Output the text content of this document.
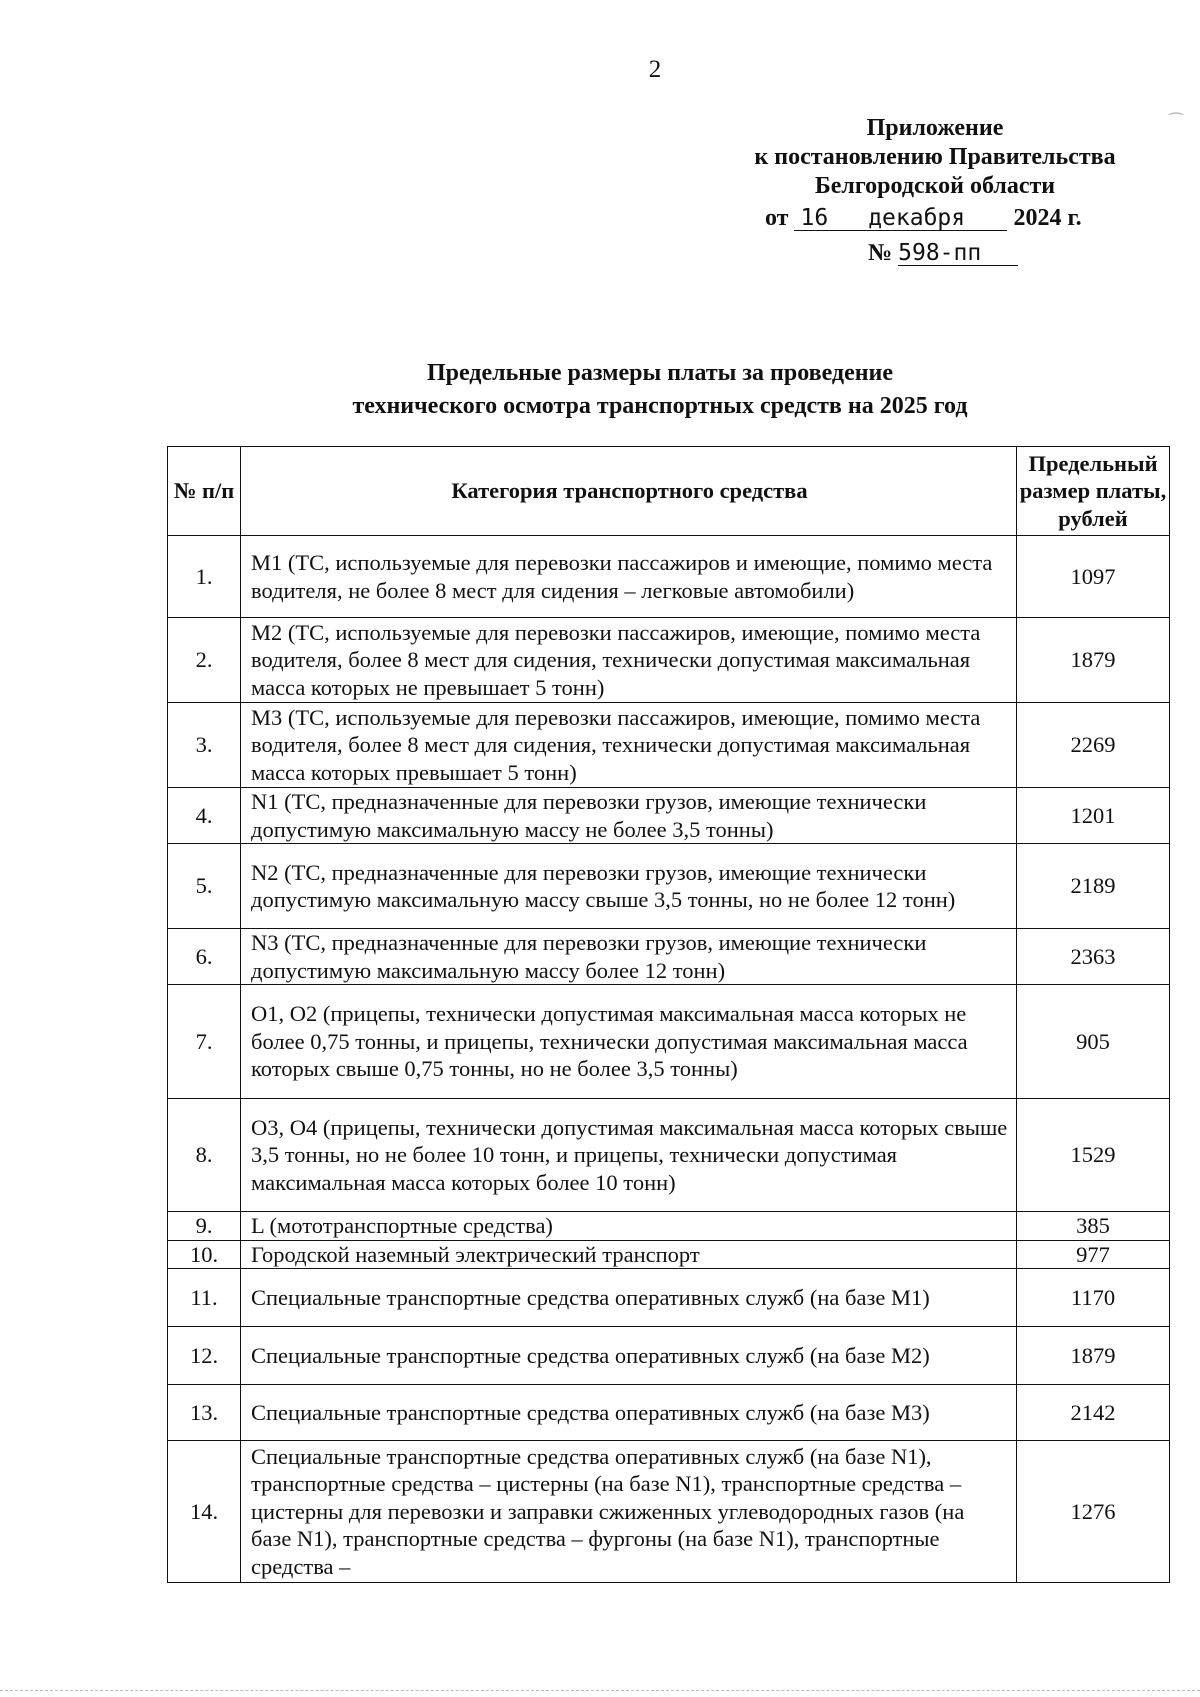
2
Приложение
к постановлению Правительства
Белгородской области
от 16 декабря 2024 г.
№ 598-пп
Предельные размеры платы за проведение
технического осмотра транспортных средств на 2025 год
№ п/п	Категория транспортного средства	Предельный размер платы, рублей
1.	M1 (ТС, используемые для перевозки пассажиров и имеющие, помимо места водителя, не более 8 мест для сидения – легковые автомобили)	1097
2.	M2 (ТС, используемые для перевозки пассажиров, имеющие, помимо места водителя, более 8 мест для сидения, технически допустимая максимальная масса которых не превышает 5 тонн)	1879
3.	M3 (ТС, используемые для перевозки пассажиров, имеющие, помимо места водителя, более 8 мест для сидения, технически допустимая максимальная масса которых превышает 5 тонн)	2269
4.	N1 (ТС, предназначенные для перевозки грузов, имеющие технически допустимую максимальную массу не более 3,5 тонны)	1201
5.	N2 (ТС, предназначенные для перевозки грузов, имеющие технически допустимую максимальную массу свыше 3,5 тонны, но не более 12 тонн)	2189
6.	N3 (ТС, предназначенные для перевозки грузов, имеющие технически допустимую максимальную массу более 12 тонн)	2363
7.	O1, O2 (прицепы, технически допустимая максимальная масса которых не более 0,75 тонны, и прицепы, технически допустимая максимальная масса которых свыше 0,75 тонны, но не более 3,5 тонны)	905
8.	O3, O4 (прицепы, технически допустимая максимальная масса которых свыше 3,5 тонны, но не более 10 тонн, и прицепы, технически допустимая максимальная масса которых более 10 тонн)	1529
9.	L (мототранспортные средства)	385
10.	Городской наземный электрический транспорт	977
11.	Специальные транспортные средства оперативных служб (на базе M1)	1170
12.	Специальные транспортные средства оперативных служб (на базе M2)	1879
13.	Специальные транспортные средства оперативных служб (на базе M3)	2142
14.	Специальные транспортные средства оперативных служб (на базе N1), транспортные средства – цистерны (на базе N1), транспортные средства – цистерны для перевозки и заправки сжиженных углеводородных газов (на базе N1), транспортные средства – фургоны (на базе N1), транспортные средства –	1276
⌒
